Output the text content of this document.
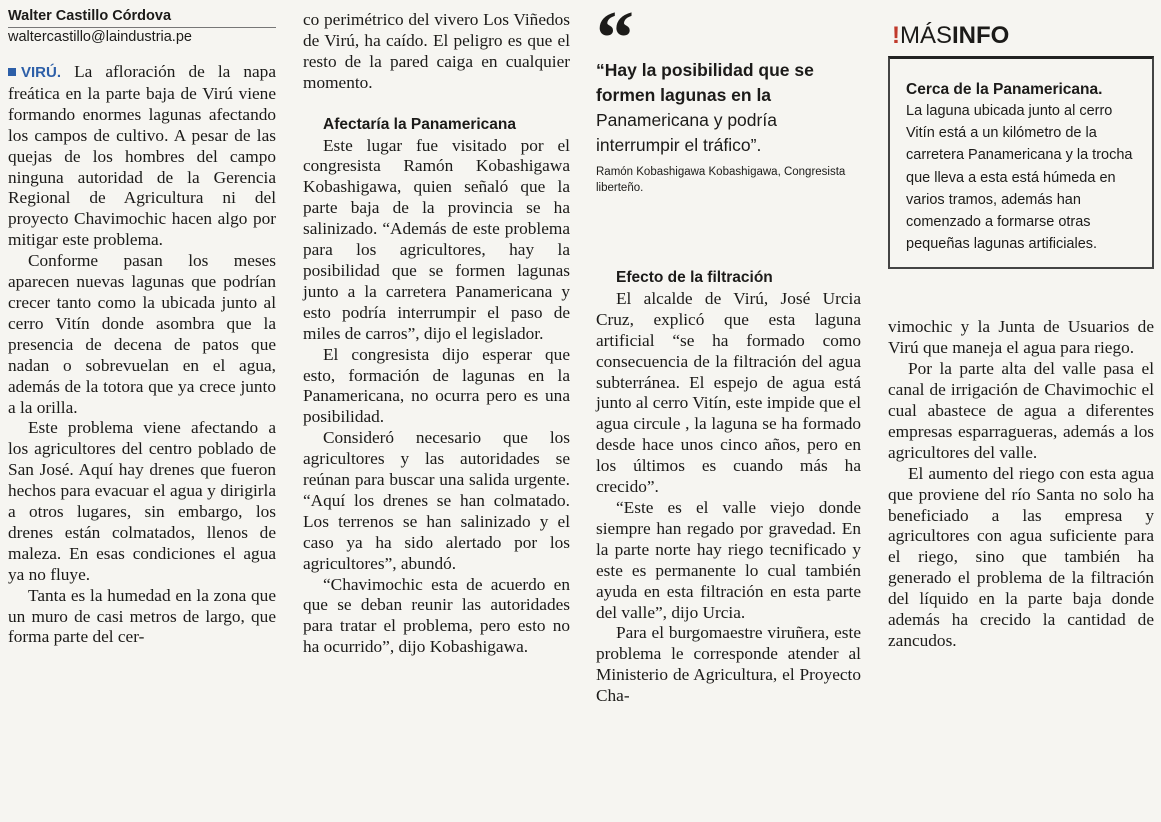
Walter Castillo Córdova

waltercastillo@laindustria.pe

VIRÚ. La afloración de la napa freática en la parte baja de Virú viene formando enormes lagunas afectando los campos de cultivo. A pesar de las quejas de los hombres del campo ninguna autoridad de la Gerencia Regional de Agricultura ni del proyecto Chavimochic hacen algo por mitigar este problema.

Conforme pasan los meses aparecen nuevas lagunas que podrían crecer tanto como la ubicada junto al cerro Vitín donde asombra que la presencia de decena de patos que nadan o sobrevuelan en el agua, además de la totora que ya crece junto a la orilla.

Este problema viene afectando a los agricultores del centro poblado de San José. Aquí hay drenes que fueron hechos para evacuar el agua y dirigirla a otros lugares, sin embargo, los drenes están colmatados, llenos de maleza. En esas condiciones el agua ya no fluye.

Tanta es la humedad en la zona que un muro de casi metros de largo, que forma parte del cer-

co perimétrico del vivero Los Viñedos de Virú, ha caído. El peligro es que el resto de la pared caiga en cualquier momento.

Afectaría la Panamericana

Este lugar fue visitado por el congresista Ramón Kobashigawa Kobashigawa, quien señaló que la parte baja de la provincia se ha salinizado. “Además de este problema para los agricultores, hay la posibilidad que se formen lagunas junto a la carretera Panamericana y esto podría interrumpir el paso de miles de carros”, dijo el legislador.

El congresista dijo esperar que esto, formación de lagunas en la Panamericana, no ocurra pero es una posibilidad.

Consideró necesario que los agricultores y las autoridades se reúnan para buscar una salida urgente. “Aquí los drenes se han colmatado. Los terrenos se han salinizado y el caso ya ha sido alertado por los agricultores”, abundó.

“Chavimochic esta de acuerdo en que se deban reunir las autoridades para tratar el problema, pero esto no ha ocurrido”, dijo Kobashigawa.

“
“Hay la posibilidad que se formen lagunas en la
Panamericana y podría interrumpir el tráfico”.
Ramón Kobashigawa Kobashigawa, Congresista liberteño.
Efecto de la filtración

El alcalde de Virú, José Urcia Cruz, explicó que esta laguna artificial “se ha formado como consecuencia de la filtración del agua subterránea. El espejo de agua está junto al cerro Vitín, este impide que el agua circule , la laguna se ha formado desde hace unos cinco años, pero en los últimos es cuando más ha crecido”.

“Este es el valle viejo donde siempre han regado por gravedad. En la parte norte hay riego tecnificado y este es permanente lo cual también ayuda en esta filtración en esta parte del valle”, dijo Urcia.

Para el burgomaestre viruñera, este problema le corresponde atender al Ministerio de Agricultura, el Proyecto Cha-

!MÁSINFO

Cerca de la Panamericana.

La laguna ubicada junto al cerro Vitín está a un kilómetro de la carretera Panamericana y la trocha que lleva a esta está húmeda en varios tramos, además han comenzado a formarse otras pequeñas lagunas artificiales.

vimochic y la Junta de Usuarios de Virú que maneja el agua para riego.

Por la parte alta del valle pasa el canal de irrigación de Chavimochic el cual abastece de agua a diferentes empresas esparragueras, además a los agricultores del valle.

El aumento del riego con esta agua que proviene del río Santa no solo ha beneficiado a las empresa y agricultores con agua suficiente para el riego, sino que también ha generado el problema de la filtración del líquido en la parte baja donde además ha crecido la cantidad de zancudos.
